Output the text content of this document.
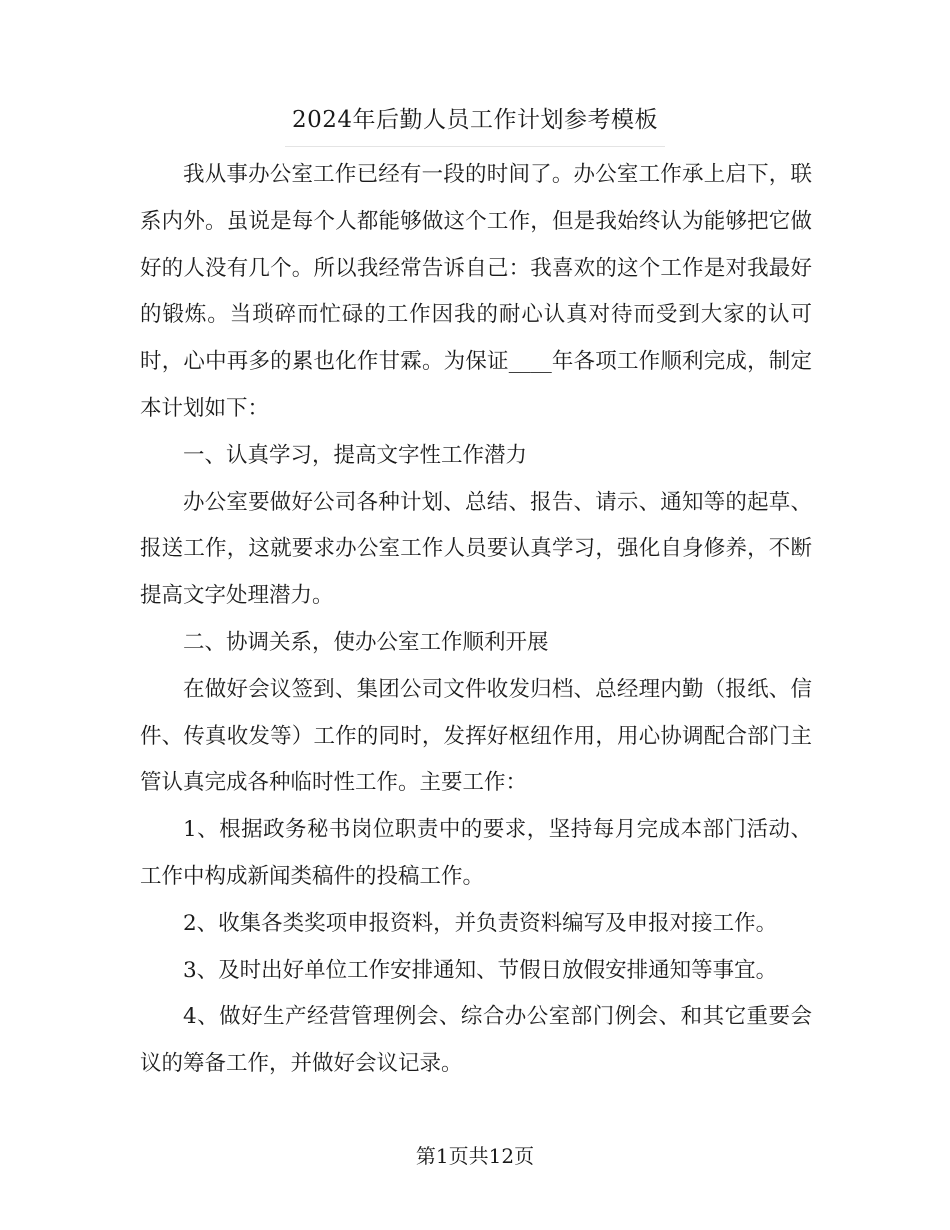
2024年后勤人员工作计划参考模板

我从事办公室工作已经有一段的时间了。办公室工作承上启下，联系内外。虽说是每个人都能够做这个工作，但是我始终认为能够把它做好的人没有几个。所以我经常告诉自己：我喜欢的这个工作是对我最好的锻炼。当琐碎而忙碌的工作因我的耐心认真对待而受到大家的认可时，心中再多的累也化作甘霖。为保证____年各项工作顺利完成，制定本计划如下：

一、认真学习，提高文字性工作潜力

办公室要做好公司各种计划、总结、报告、请示、通知等的起草、报送工作，这就要求办公室工作人员要认真学习，强化自身修养，不断提高文字处理潜力。

二、协调关系，使办公室工作顺利开展

在做好会议签到、集团公司文件收发归档、总经理内勤（报纸、信件、传真收发等）工作的同时，发挥好枢纽作用，用心协调配合部门主管认真完成各种临时性工作。主要工作：

1、根据政务秘书岗位职责中的要求，坚持每月完成本部门活动、工作中构成新闻类稿件的投稿工作。

2、收集各类奖项申报资料，并负责资料编写及申报对接工作。

3、及时出好单位工作安排通知、节假日放假安排通知等事宜。

4、做好生产经营管理例会、综合办公室部门例会、和其它重要会议的筹备工作，并做好会议记录。

第1页共12页
